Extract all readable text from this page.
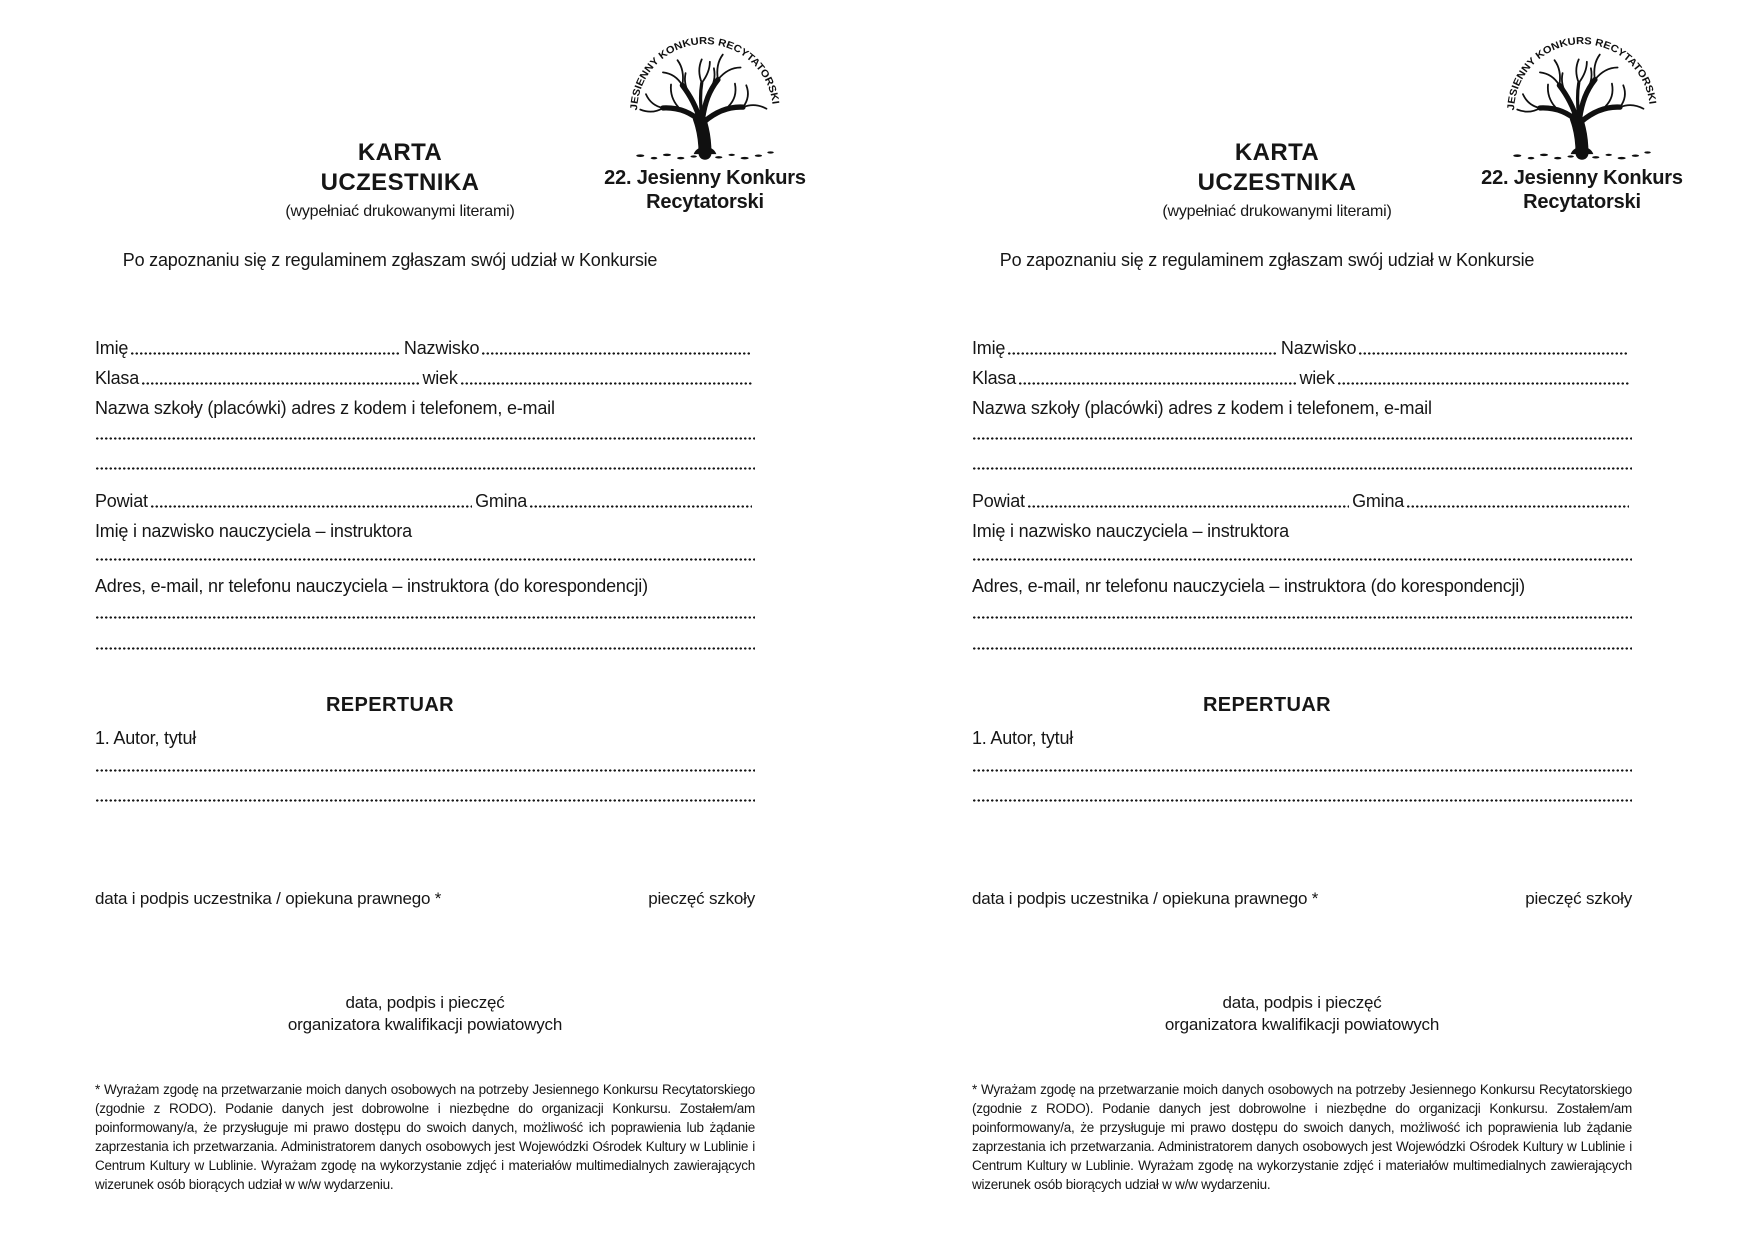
KARTA
UCZESTNIKA
(wypełniać drukowanymi literami)
JESIENNY KONKURS RECYTATORSKI
22. Jesienny Konkurs
Recytatorski

Po zapoznaniu się z regulaminem zgłaszam swój udział w Konkursie

Imię	Nazwisko
Klasa	wiek
Nazwa szkoły (placówki) adres z kodem i telefonem, e-mail
Powiat	Gmina
Imię i nazwisko nauczyciela – instruktora
Adres, e-mail, nr telefonu nauczyciela – instruktora (do korespondencji)
REPERTUAR
1. Autor, tytuł
data i podpis uczestnika / opiekuna prawnego *	pieczęć szkoły
data, podpis i pieczęć
organizatora kwalifikacji powiatowych
* Wyrażam zgodę na przetwarzanie moich danych osobowych na potrzeby Jesiennego Konkursu Recytatorskiego (zgodnie z RODO). Podanie danych jest dobrowolne i niezbędne do organizacji Konkursu. Zostałem/am poinformowany/a, że przysługuje mi prawo dostępu do swoich danych, możliwość ich poprawienia lub żądanie zaprzestania ich przetwarzania. Administratorem danych osobowych jest Wojewódzki Ośrodek Kultury w Lublinie i Centrum Kultury w Lublinie. Wyrażam zgodę na wykorzystanie zdjęć i materiałów multimedialnych zawierających wizerunek osób biorących udział w w/w wydarzeniu.
KARTA
UCZESTNIKA
(wypełniać drukowanymi literami)
JESIENNY KONKURS RECYTATORSKI
22. Jesienny Konkurs
Recytatorski

Po zapoznaniu się z regulaminem zgłaszam swój udział w Konkursie

Imię	Nazwisko
Klasa	wiek
Nazwa szkoły (placówki) adres z kodem i telefonem, e-mail
Powiat	Gmina
Imię i nazwisko nauczyciela – instruktora
Adres, e-mail, nr telefonu nauczyciela – instruktora (do korespondencji)
REPERTUAR
1. Autor, tytuł
data i podpis uczestnika / opiekuna prawnego *	pieczęć szkoły
data, podpis i pieczęć
organizatora kwalifikacji powiatowych
* Wyrażam zgodę na przetwarzanie moich danych osobowych na potrzeby Jesiennego Konkursu Recytatorskiego (zgodnie z RODO). Podanie danych jest dobrowolne i niezbędne do organizacji Konkursu. Zostałem/am poinformowany/a, że przysługuje mi prawo dostępu do swoich danych, możliwość ich poprawienia lub żądanie zaprzestania ich przetwarzania. Administratorem danych osobowych jest Wojewódzki Ośrodek Kultury w Lublinie i Centrum Kultury w Lublinie. Wyrażam zgodę na wykorzystanie zdjęć i materiałów multimedialnych zawierających wizerunek osób biorących udział w w/w wydarzeniu.
